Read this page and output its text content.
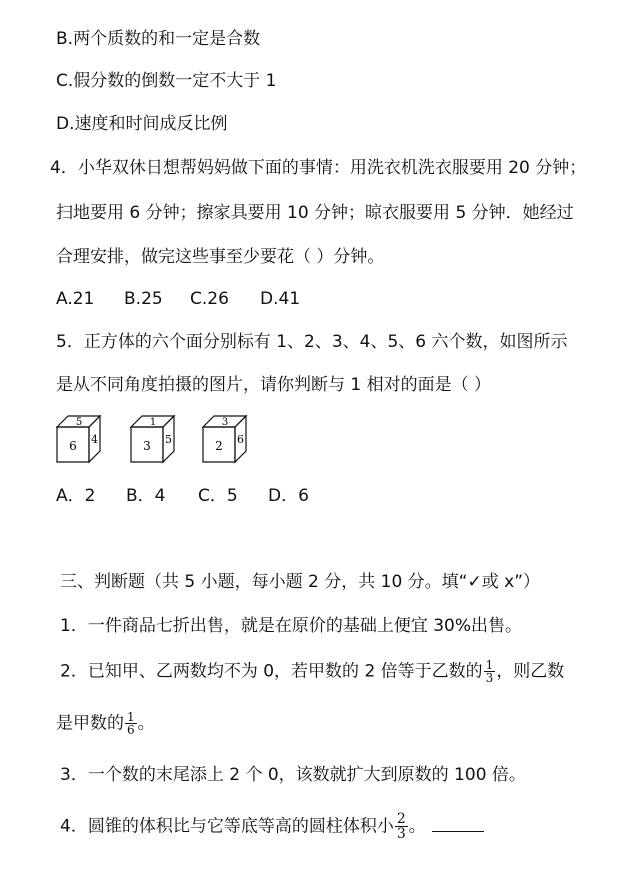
B.两个质数的和一定是合数
C.假分数的倒数一定不大于 1
D.速度和时间成反比例
4．小华双休日想帮妈妈做下面的事情：用洗衣机洗衣服要用 20 分钟；
扫地要用 6 分钟；擦家具要用 10 分钟；晾衣服要用 5 分钟．她经过
合理安排，做完这些事至少要花（ ）分钟。
A.21 B.25 C.26 D.41
5．正方体的六个面分别标有 1、2、3、4、5、6 六个数，如图所示
是从不同角度拍摄的图片，请你判断与 1 相对的面是（ ）
6
5
4	3
1
5	2
3
6
A．2 B．4 C．5 D．6
三、判断题（共 5 小题，每小题 2 分，共 10 分。填“✓或 x”）
1．一件商品七折出售，就是在原价的基础上便宜 30%出售。
2．已知甲、乙两数均不为 0，若甲数的 2 倍等于乙数的 $\frac{1}{3}$ ，则乙数
是甲数的 $\frac{1}{6}$ 。
3．一个数的末尾添上 2 个 0，该数就扩大到原数的 100 倍。
4．圆锥的体积比与它等底等高的圆柱体积小 $\frac{2}{3}$ 。
